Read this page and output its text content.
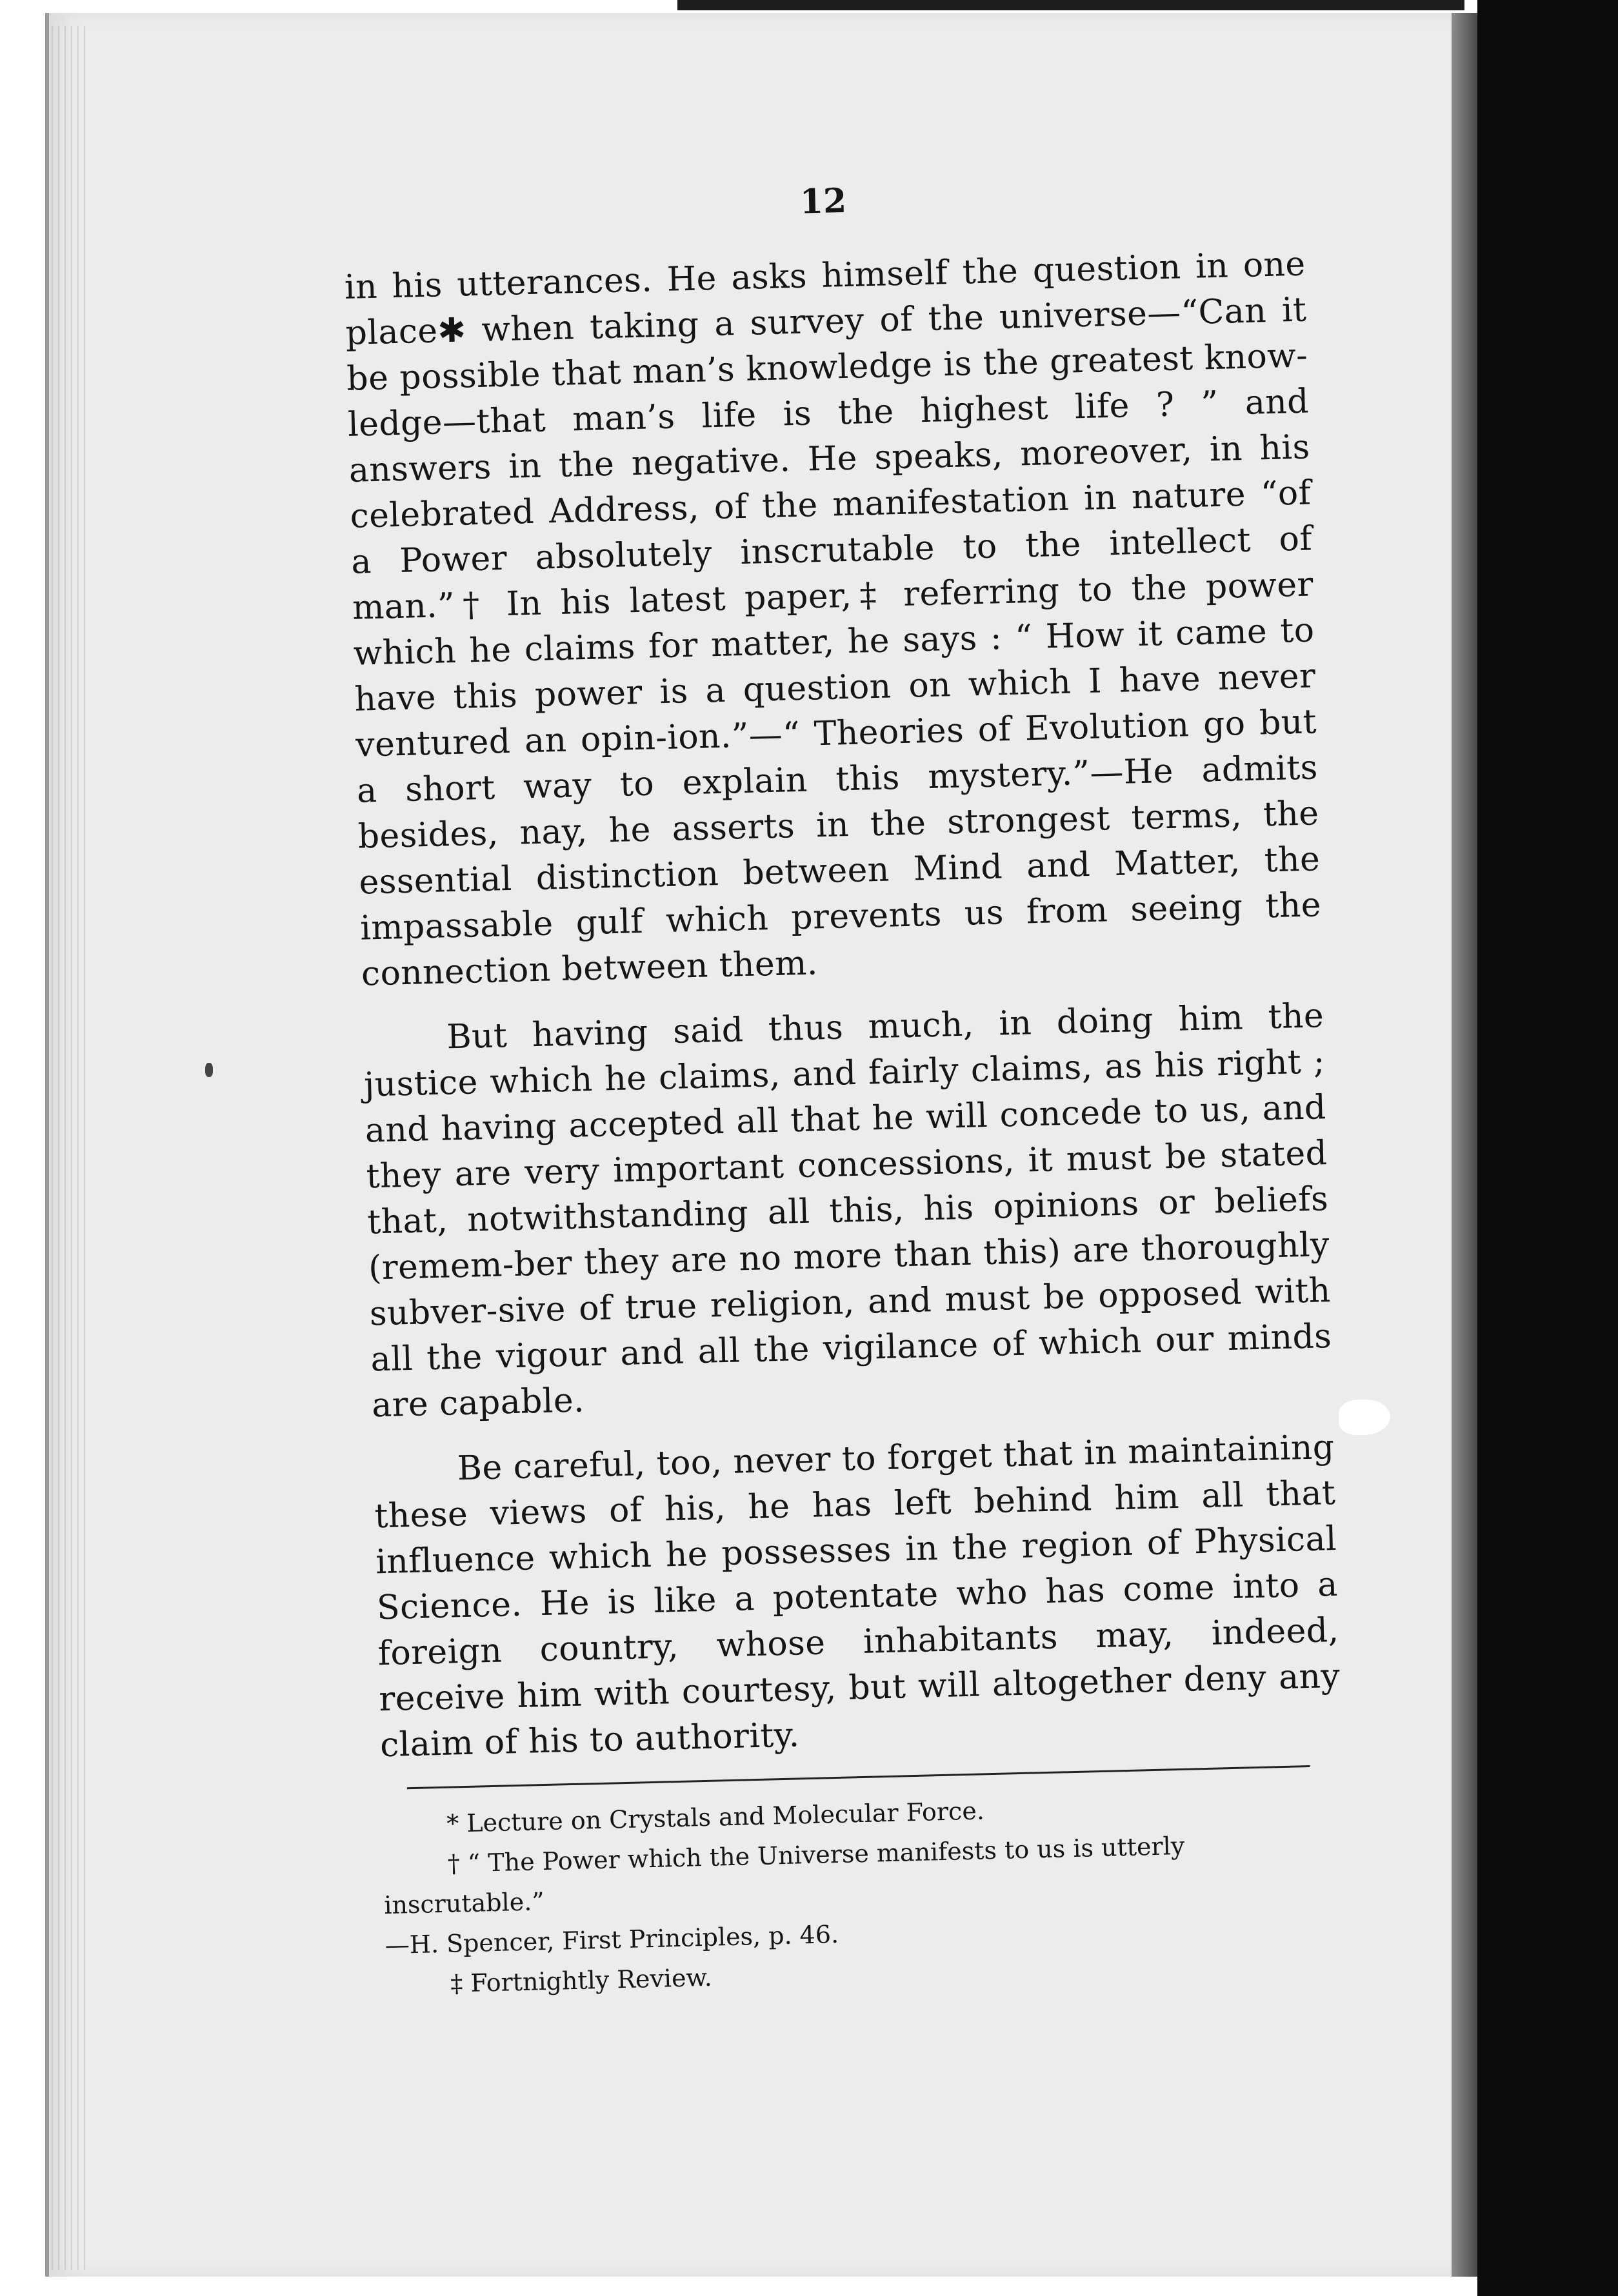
12

in his utterances. He asks himself the question in one place✱ when taking a survey of the universe—“Can it be possible that man’s knowledge is the greatest know-ledge—that man’s life is the highest life ? ” and answers in the negative. He speaks, moreover, in his celebrated Address, of the manifestation in nature “of a Power absolutely inscrutable to the intellect of man.”† In his latest paper,‡ referring to the power which he claims for matter, he says : “ How it came to have this power is a question on which I have never ventured an opin-ion.”—“ Theories of Evolution go but a short way to explain this mystery.”—He admits besides, nay, he asserts in the strongest terms, the essential distinction between Mind and Matter, the impassable gulf which prevents us from seeing the connection between them.

But having said thus much, in doing him the justice which he claims, and fairly claims, as his right ; and having accepted all that he will concede to us, and they are very important concessions, it must be stated that, notwithstanding all this, his opinions or beliefs (remem-ber they are no more than this) are thoroughly subver-sive of true religion, and must be opposed with all the vigour and all the vigilance of which our minds are capable.

Be careful, too, never to forget that in maintaining these views of his, he has left behind him all that influence which he possesses in the region of Physical Science. He is like a potentate who has come into a foreign country, whose inhabitants may, indeed, receive him with courtesy, but will altogether deny any claim of his to authority.

* Lecture on Crystals and Molecular Force.

† “ The Power which the Universe manifests to us is utterly inscrutable.”

—H. Spencer, First Principles, p. 46.

‡ Fortnightly Review.
